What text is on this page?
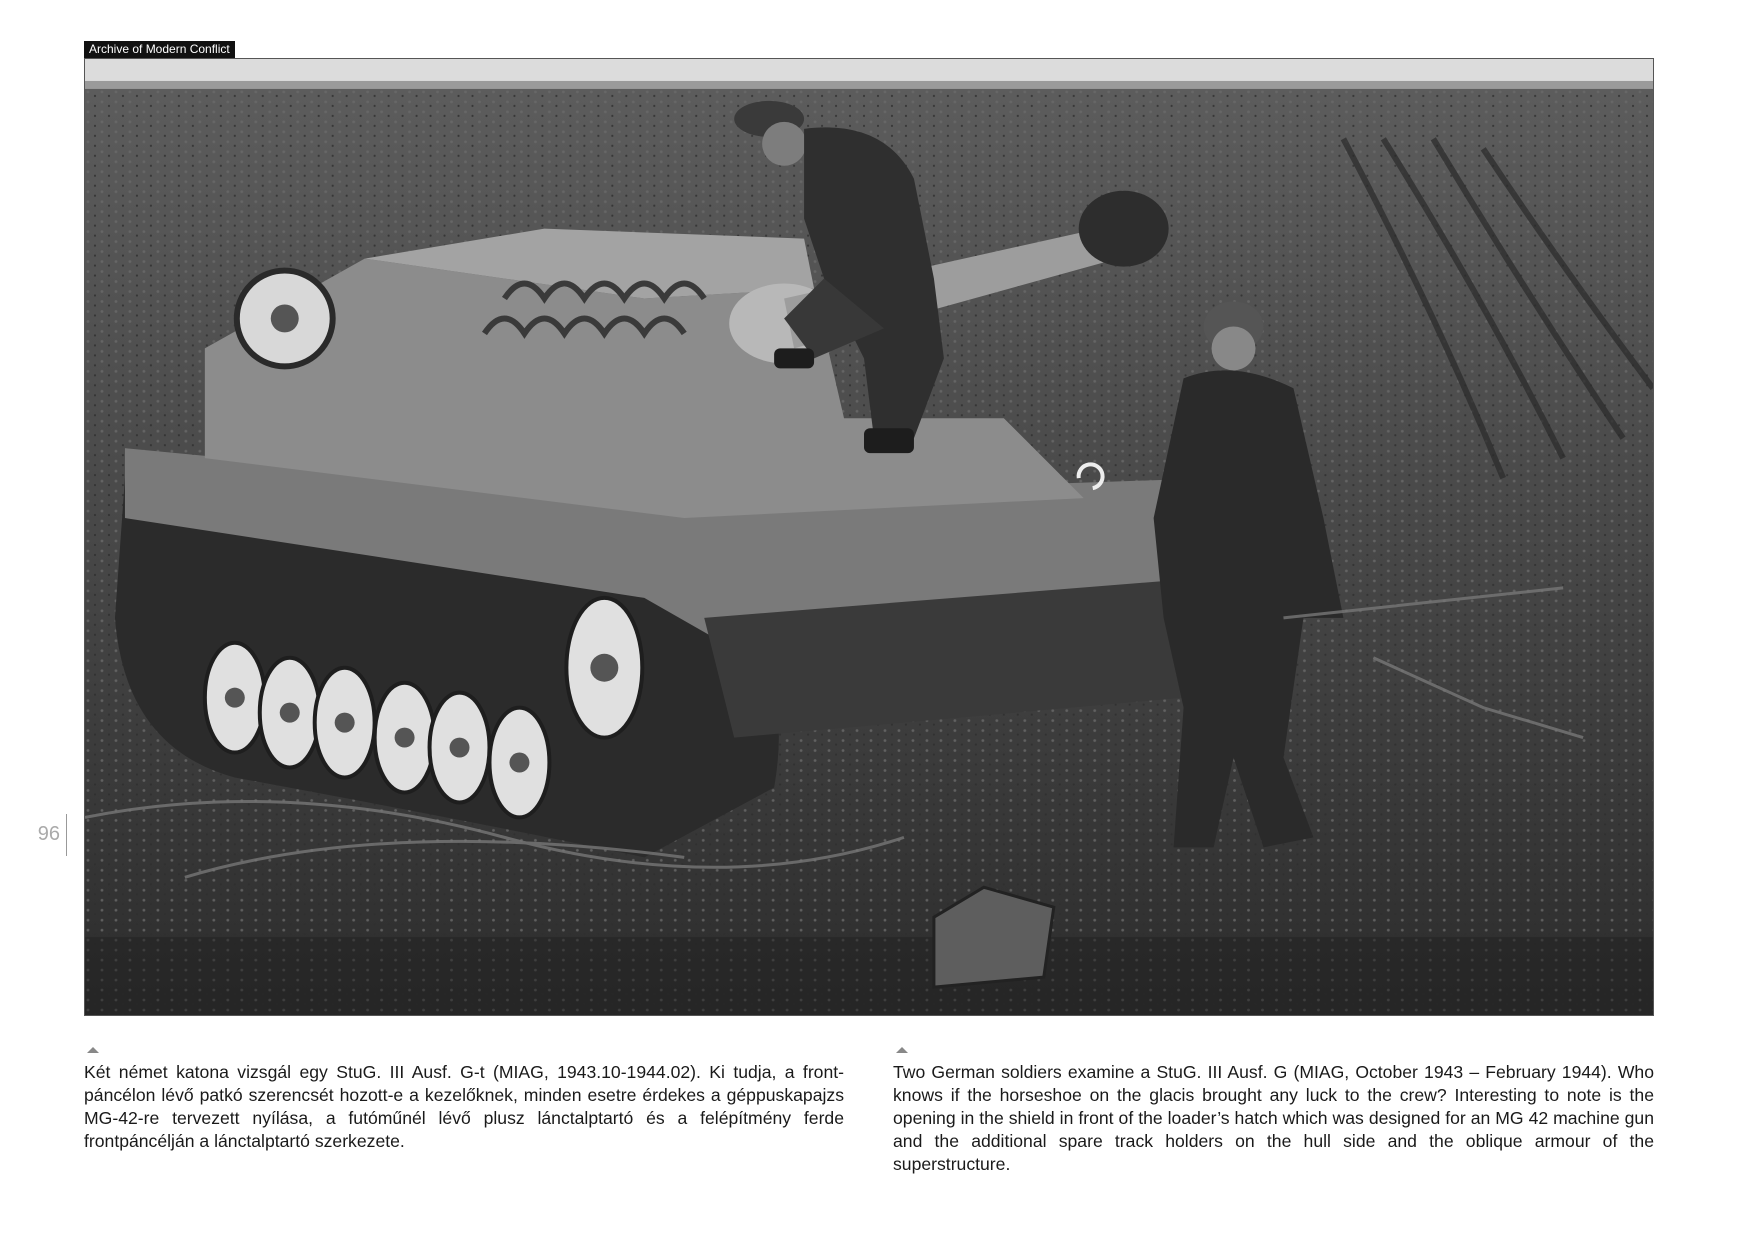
Archive of Modern Conflict
96

Két német katona vizsgál egy StuG. III Ausf. G-t (MIAG, 1943.10-1944.02). Ki tudja, a frontpáncélon lévő patkó szerencsét hozott-e a kezelőknek, minden esetre érdekes a géppuskapajzs MG-42-re tervezett nyílása, a futóműnél lévő plusz lánctalptartó és a felépítmény ferde frontpáncélján a lánctalptartó szerkezete.

Two German soldiers examine a StuG. III Ausf. G (MIAG, October 1943 – February 1944). Who knows if the horseshoe on the glacis brought any luck to the crew? Interesting to note is the opening in the shield in front of the loader’s hatch which was designed for an MG 42 machine gun and the additional spare track holders on the hull side and the oblique armour of the superstructure.
